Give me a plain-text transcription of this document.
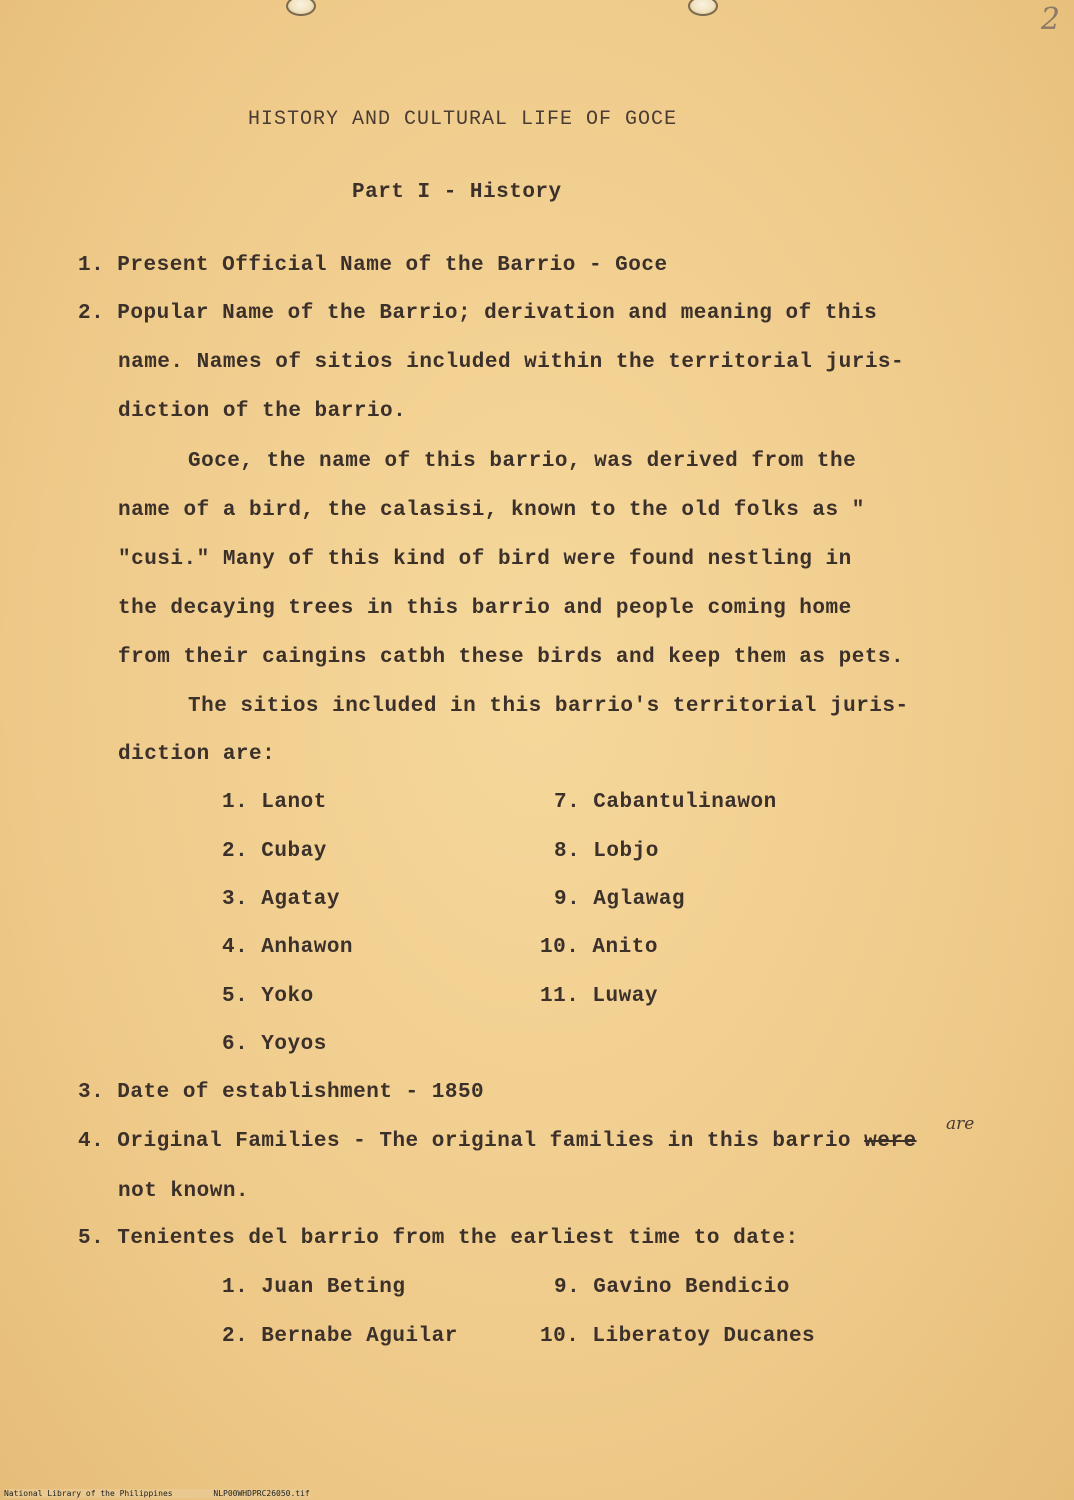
2
HISTORY AND CULTURAL LIFE OF GOCE
Part I - History
1. Present Official Name of the Barrio - Goce
2. Popular Name of the Barrio; derivation and meaning of this
name. Names of sitios included within the territorial juris-
diction of the barrio.
Goce, the name of this barrio, was derived from the
name of a bird, the calasisi, known to the old folks as "
"cusi." Many of this kind of bird were found nestling in
the decaying trees in this barrio and people coming home
from their caingins catbh these birds and keep them as pets.
The sitios included in this barrio's territorial juris-
diction are:
1. Lanot
2. Cubay
3. Agatay
4. Anhawon
5. Yoko
6. Yoyos
7. Cabantulinawon
8. Lobjo
9. Aglawag
10. Anito
11. Luway
3. Date of establishment - 1850
4. Original Families - The original families in this barrio were
are
not known.
5. Tenientes del barrio from the earliest time to date:
1. Juan Beting
2. Bernabe Aguilar
9. Gavino Bendicio
10. Liberatoy Ducanes
National Library of the Philippines	NLP00WHDPRC26050.tif
